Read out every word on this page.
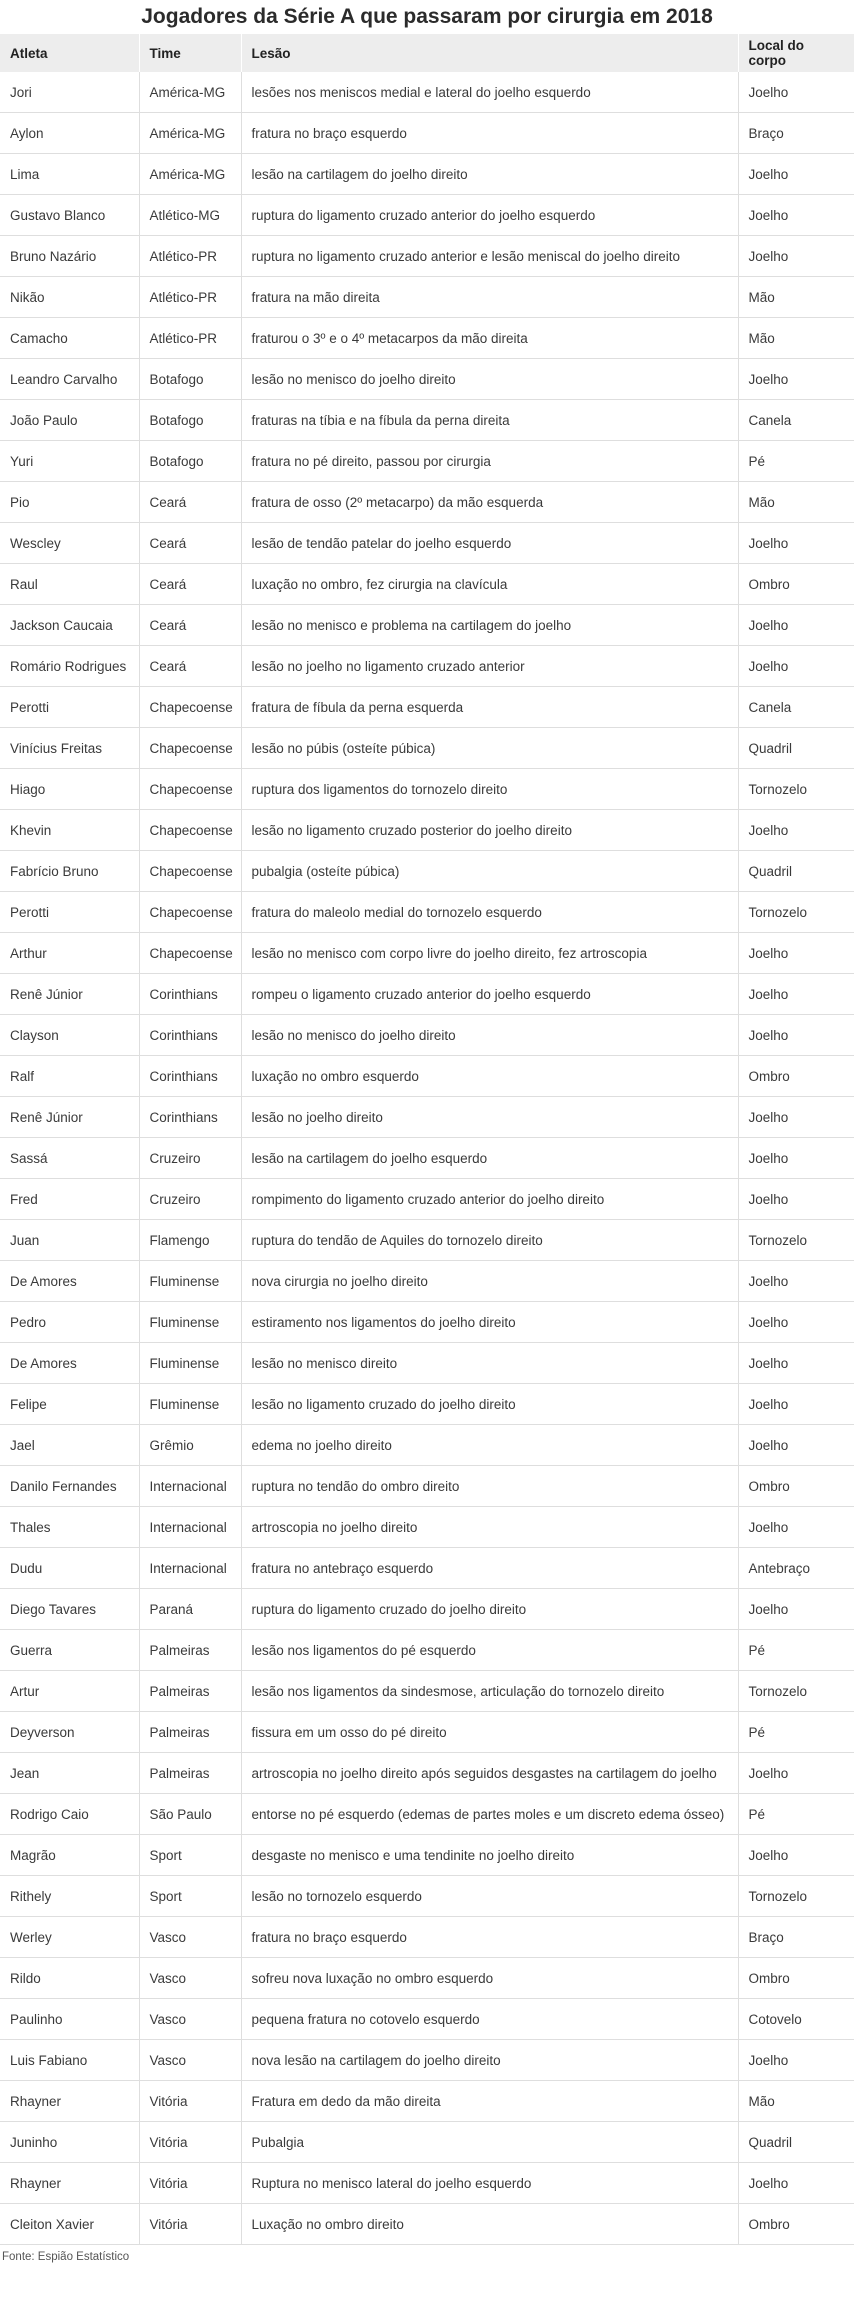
Jogadores da Série A que passaram por cirurgia em 2018
Atleta	Time	Lesão	Local do corpo
Jori	América-MG	lesões nos meniscos medial e lateral do joelho esquerdo	Joelho
Aylon	América-MG	fratura no braço esquerdo	Braço
Lima	América-MG	lesão na cartilagem do joelho direito	Joelho
Gustavo Blanco	Atlético-MG	ruptura do ligamento cruzado anterior do joelho esquerdo	Joelho
Bruno Nazário	Atlético-PR	ruptura no ligamento cruzado anterior e lesão meniscal do joelho direito	Joelho
Nikão	Atlético-PR	fratura na mão direita	Mão
Camacho	Atlético-PR	fraturou o 3º e o 4º metacarpos da mão direita	Mão
Leandro Carvalho	Botafogo	lesão no menisco do joelho direito	Joelho
João Paulo	Botafogo	fraturas na tíbia e na fíbula da perna direita	Canela
Yuri	Botafogo	fratura no pé direito, passou por cirurgia	Pé
Pio	Ceará	fratura de osso (2º metacarpo) da mão esquerda	Mão
Wescley	Ceará	lesão de tendão patelar do joelho esquerdo	Joelho
Raul	Ceará	luxação no ombro, fez cirurgia na clavícula	Ombro
Jackson Caucaia	Ceará	lesão no menisco e problema na cartilagem do joelho	Joelho
Romário Rodrigues	Ceará	lesão no joelho no ligamento cruzado anterior	Joelho
Perotti	Chapecoense	fratura de fíbula da perna esquerda	Canela
Vinícius Freitas	Chapecoense	lesão no púbis (osteíte púbica)	Quadril
Hiago	Chapecoense	ruptura dos ligamentos do tornozelo direito	Tornozelo
Khevin	Chapecoense	lesão no ligamento cruzado posterior do joelho direito	Joelho
Fabrício Bruno	Chapecoense	pubalgia (osteíte púbica)	Quadril
Perotti	Chapecoense	fratura do maleolo medial do tornozelo esquerdo	Tornozelo
Arthur	Chapecoense	lesão no menisco com corpo livre do joelho direito, fez artroscopia	Joelho
Renê Júnior	Corinthians	rompeu o ligamento cruzado anterior do joelho esquerdo	Joelho
Clayson	Corinthians	lesão no menisco do joelho direito	Joelho
Ralf	Corinthians	luxação no ombro esquerdo	Ombro
Renê Júnior	Corinthians	lesão no joelho direito	Joelho
Sassá	Cruzeiro	lesão na cartilagem do joelho esquerdo	Joelho
Fred	Cruzeiro	rompimento do ligamento cruzado anterior do joelho direito	Joelho
Juan	Flamengo	ruptura do tendão de Aquiles do tornozelo direito	Tornozelo
De Amores	Fluminense	nova cirurgia no joelho direito	Joelho
Pedro	Fluminense	estiramento nos ligamentos do joelho direito	Joelho
De Amores	Fluminense	lesão no menisco direito	Joelho
Felipe	Fluminense	lesão no ligamento cruzado do joelho direito	Joelho
Jael	Grêmio	edema no joelho direito	Joelho
Danilo Fernandes	Internacional	ruptura no tendão do ombro direito	Ombro
Thales	Internacional	artroscopia no joelho direito	Joelho
Dudu	Internacional	fratura no antebraço esquerdo	Antebraço
Diego Tavares	Paraná	ruptura do ligamento cruzado do joelho direito	Joelho
Guerra	Palmeiras	lesão nos ligamentos do pé esquerdo	Pé
Artur	Palmeiras	lesão nos ligamentos da sindesmose, articulação do tornozelo direito	Tornozelo
Deyverson	Palmeiras	fissura em um osso do pé direito	Pé
Jean	Palmeiras	artroscopia no joelho direito após seguidos desgastes na cartilagem do joelho	Joelho
Rodrigo Caio	São Paulo	entorse no pé esquerdo (edemas de partes moles e um discreto edema ósseo)	Pé
Magrão	Sport	desgaste no menisco e uma tendinite no joelho direito	Joelho
Rithely	Sport	lesão no tornozelo esquerdo	Tornozelo
Werley	Vasco	fratura no braço esquerdo	Braço
Rildo	Vasco	sofreu nova luxação no ombro esquerdo	Ombro
Paulinho	Vasco	pequena fratura no cotovelo esquerdo	Cotovelo
Luis Fabiano	Vasco	nova lesão na cartilagem do joelho direito	Joelho
Rhayner	Vitória	Fratura em dedo da mão direita	Mão
Juninho	Vitória	Pubalgia	Quadril
Rhayner	Vitória	Ruptura no menisco lateral do joelho esquerdo	Joelho
Cleiton Xavier	Vitória	Luxação no ombro direito	Ombro
Fonte: Espião Estatístico
